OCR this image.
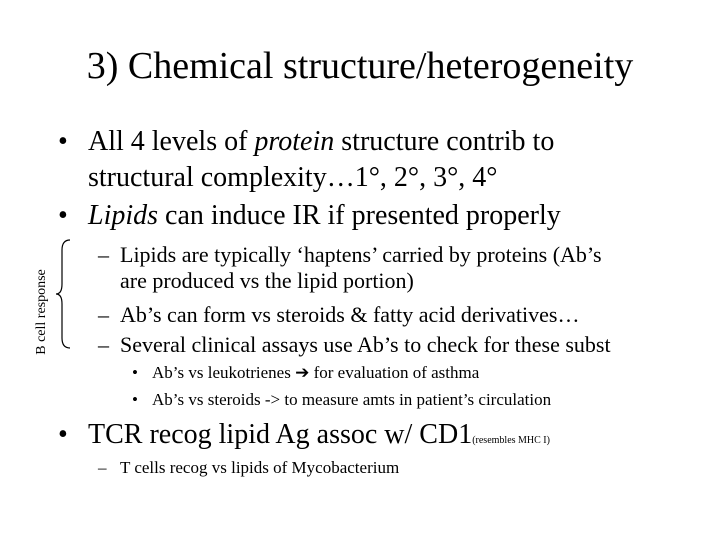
3) Chemical structure/heterogeneity
• All 4 levels of protein structure contrib to
structural complexity…1°, 2°, 3°, 4°
• Lipids can induce IR if presented properly
B cell response
– Lipids are typically ‘haptens’ carried by proteins (Ab’s
are produced vs the lipid portion)
– Ab’s can form vs steroids & fatty acid derivatives…
– Several clinical assays use Ab’s to check for these subst
• Ab’s vs leukotrienes ➔ for evaluation of asthma
• Ab’s vs steroids -> to measure amts in patient’s circulation
• TCR recog lipid Ag assoc w/ CD1(resembles MHC I)
– T cells recog vs lipids of Mycobacterium
